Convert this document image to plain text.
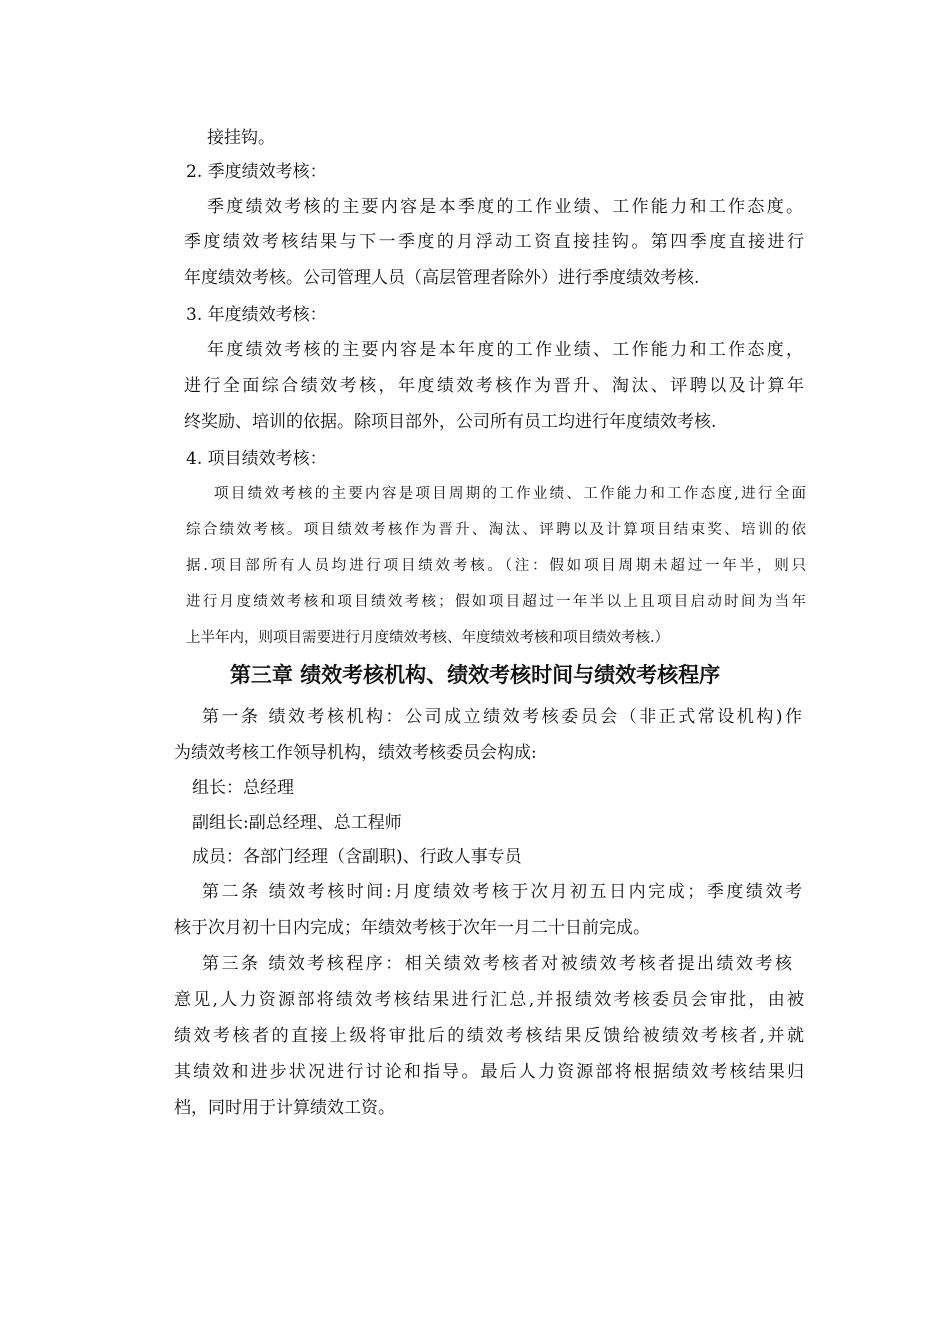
接挂钩。
2. 季度绩效考核：
季度绩效考核的主要内容是本季度的工作业绩、工作能力和工作态度。
季度绩效考核结果与下一季度的月浮动工资直接挂钩。第四季度直接进行
年度绩效考核。公司管理人员（高层管理者除外）进行季度绩效考核.
3. 年度绩效考核：
年度绩效考核的主要内容是本年度的工作业绩、工作能力和工作态度，
进行全面综合绩效考核，年度绩效考核作为晋升、淘汰、评聘以及计算年
终奖励、培训的依据。除项目部外，公司所有员工均进行年度绩效考核.
4. 项目绩效考核：
项目绩效考核的主要内容是项目周期的工作业绩、工作能力和工作态度,进行全面
综合绩效考核。项目绩效考核作为晋升、淘汰、评聘以及计算项目结束奖、培训的依
据.项目部所有人员均进行项目绩效考核。（注：假如项目周期未超过一年半，则只
进行月度绩效考核和项目绩效考核；假如项目超过一年半以上且项目启动时间为当年
上半年内，则项目需要进行月度绩效考核、年度绩效考核和项目绩效考核.）
第三章 绩效考核机构、绩效考核时间与绩效考核程序
第一条 绩效考核机构：公司成立绩效考核委员会（非正式常设机构)作
为绩效考核工作领导机构，绩效考核委员会构成:
组长：总经理
副组长:副总经理、总工程师
成员：各部门经理（含副职)、行政人事专员
第二条 绩效考核时间:月度绩效考核于次月初五日内完成；季度绩效考
核于次月初十日内完成；年绩效考核于次年一月二十日前完成。
第三条 绩效考核程序：相关绩效考核者对被绩效考核者提出绩效考核
意见,人力资源部将绩效考核结果进行汇总,并报绩效考核委员会审批，由被
绩效考核者的直接上级将审批后的绩效考核结果反馈给被绩效考核者,并就
其绩效和进步状况进行讨论和指导。最后人力资源部将根据绩效考核结果归
档，同时用于计算绩效工资。
